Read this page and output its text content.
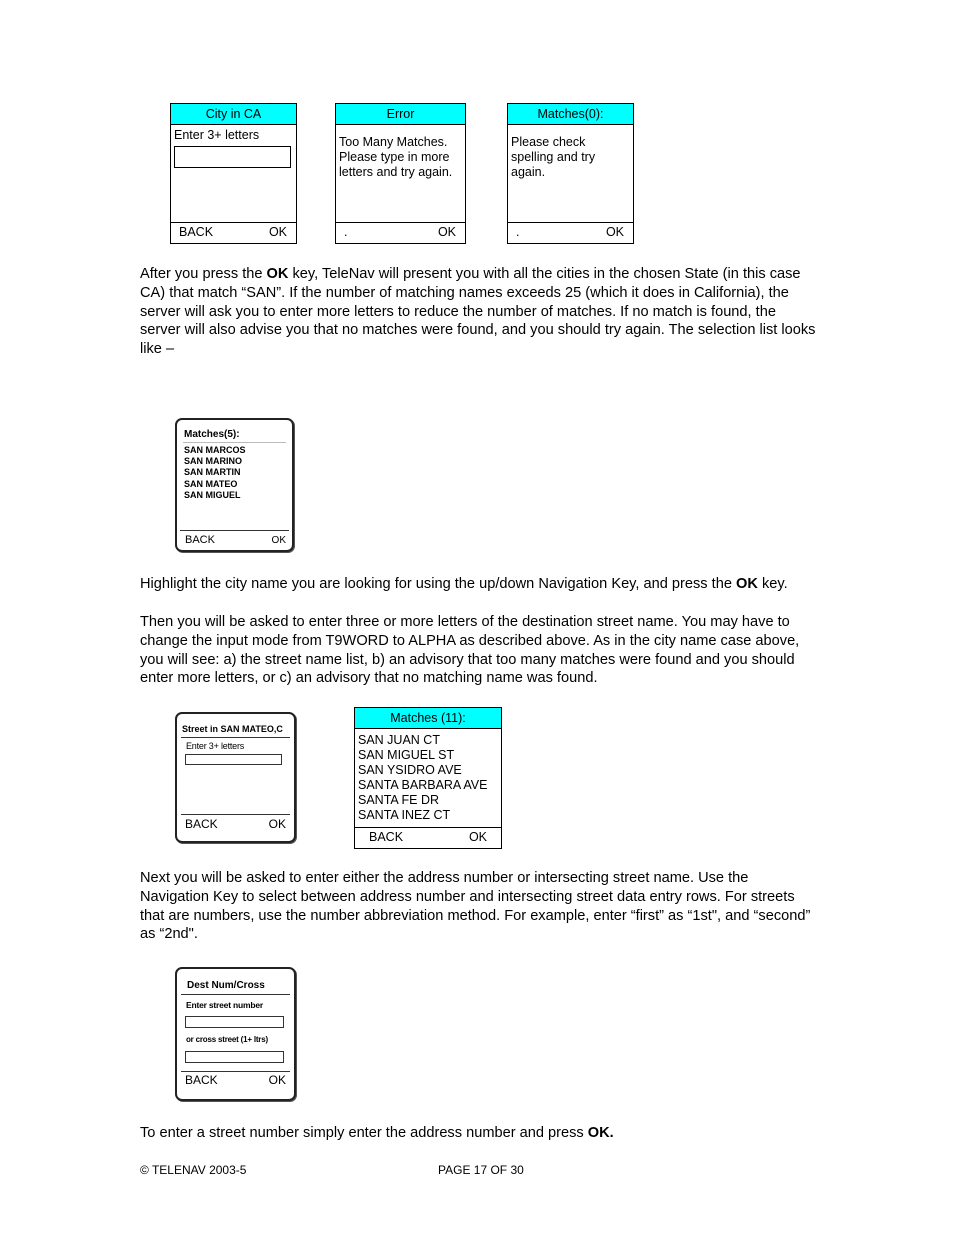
City in CA
Enter 3+ letters
BACK	OK
Error
Too Many Matches.
Please type in more
letters and try again.
.	OK
Matches(0):
Please check
spelling and try
again.
.	OK
After you press the OK key, TeleNav will present you with all the cities in the chosen State (in this case CA) that match “SAN”. If the number of matching names exceeds 25 (which it does in California), the server will ask you to enter more letters to reduce the number of matches. If no match is found, the server will also advise you that no matches were found, and you should try again. The selection list looks like –
Matches(5):
SAN MARCOS
SAN MARINO
SAN MARTIN
SAN MATEO
SAN MIGUEL
BACK	OK
Highlight the city name you are looking for using the up/down Navigation Key, and press the OK key.
Then you will be asked to enter three or more letters of the destination street name. You may have to change the input mode from T9WORD to ALPHA as described above. As in the city name case above, you will see: a) the street name list, b) an advisory that too many matches were found and you should enter more letters, or c) an advisory that no matching name was found.
Street in SAN MATEO,C
Enter 3+ letters
BACK	OK
Matches (11):
SAN JUAN CT
SAN MIGUEL ST
SAN YSIDRO AVE
SANTA BARBARA AVE
SANTA FE DR
SANTA INEZ CT
BACK	OK
Next you will be asked to enter either the address number or intersecting street name. Use the Navigation Key to select between address number and intersecting street data entry rows. For streets that are numbers, use the number abbreviation method. For example, enter “first” as “1st", and “second” as “2nd".
Dest Num/Cross
Enter street number
or cross street (1+ ltrs)
BACK	OK
To enter a street number simply enter the address number and press OK.
© TELENAV 2003-5	PAGE 17 OF 30
